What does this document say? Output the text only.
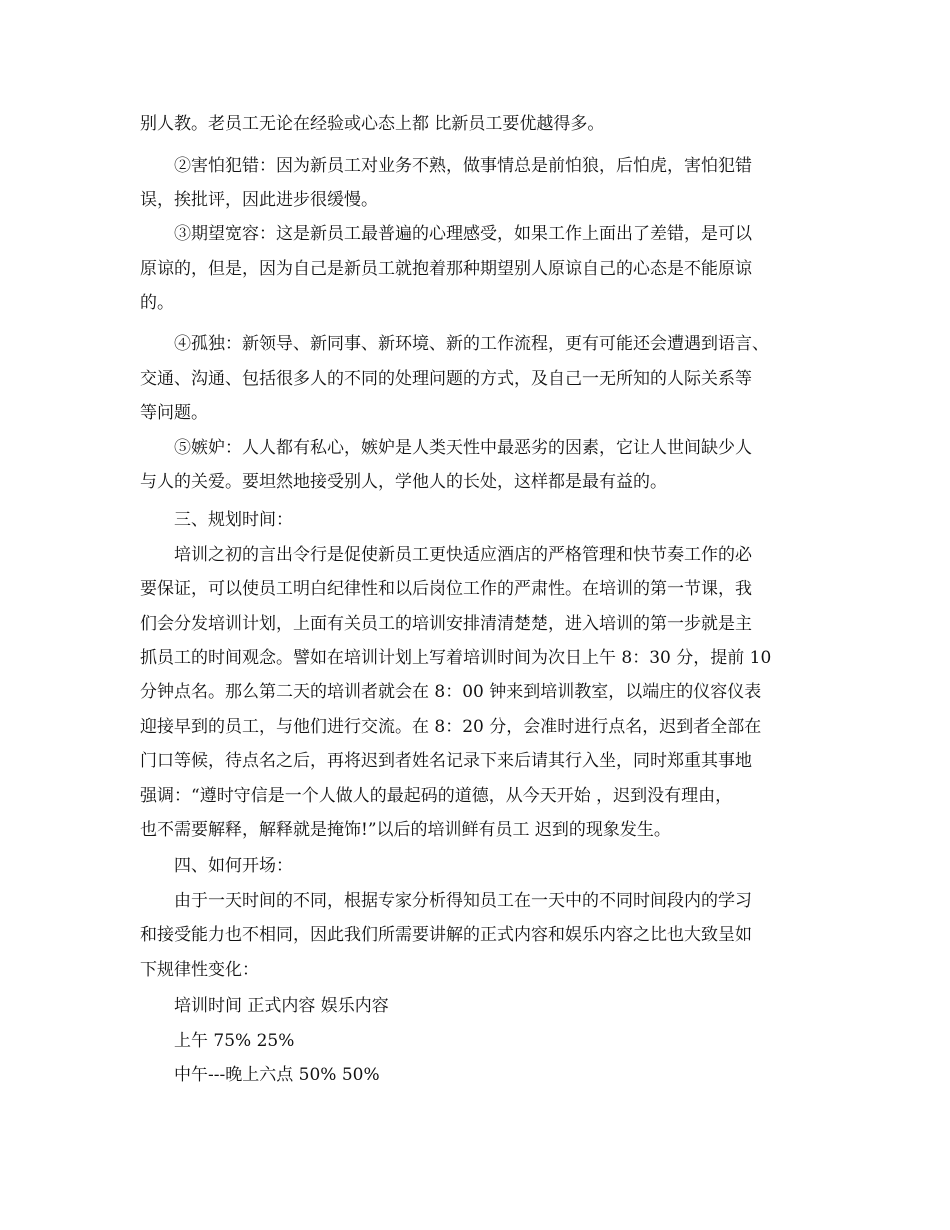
别人教。老员工无论在经验或心态上都 比新员工要优越得多。
②害怕犯错：因为新员工对业务不熟，做事情总是前怕狼，后怕虎，害怕犯错
误，挨批评，因此进步很缓慢。
③期望宽容：这是新员工最普遍的心理感受，如果工作上面出了差错，是可以
原谅的，但是，因为自己是新员工就抱着那种期望别人原谅自己的心态是不能原谅
的。
④孤独：新领导、新同事、新环境、新的工作流程，更有可能还会遭遇到语言、
交通、沟通、包括很多人的不同的处理问题的方式，及自己一无所知的人际关系等
等问题。
⑤嫉妒：人人都有私心，嫉妒是人类天性中最恶劣的因素，它让人世间缺少人
与人的关爱。要坦然地接受别人，学他人的长处，这样都是最有益的。
三、规划时间：
培训之初的言出令行是促使新员工更快适应酒店的严格管理和快节奏工作的必
要保证，可以使员工明白纪律性和以后岗位工作的严肃性。在培训的第一节课，我
们会分发培训计划，上面有关员工的培训安排清清楚楚，进入培训的第一步就是主
抓员工的时间观念。譬如在培训计划上写着培训时间为次日上午 8：30 分，提前 10
分钟点名。那么第二天的培训者就会在 8：00 钟来到培训教室，以端庄的仪容仪表
迎接早到的员工，与他们进行交流。在 8：20 分，会准时进行点名，迟到者全部在
门口等候，待点名之后，再将迟到者姓名记录下来后请其行入坐，同时郑重其事地
强调：“遵时守信是一个人做人的最起码的道德，从今天开始 ，迟到没有理由，
也不需要解释，解释就是掩饰!”以后的培训鲜有员工 迟到的现象发生。
四、如何开场：
由于一天时间的不同，根据专家分析得知员工在一天中的不同时间段内的学习
和接受能力也不相同，因此我们所需要讲解的正式内容和娱乐内容之比也大致呈如
下规律性变化：
培训时间 正式内容 娱乐内容
上午 75% 25%
中午---晚上六点 50% 50%
